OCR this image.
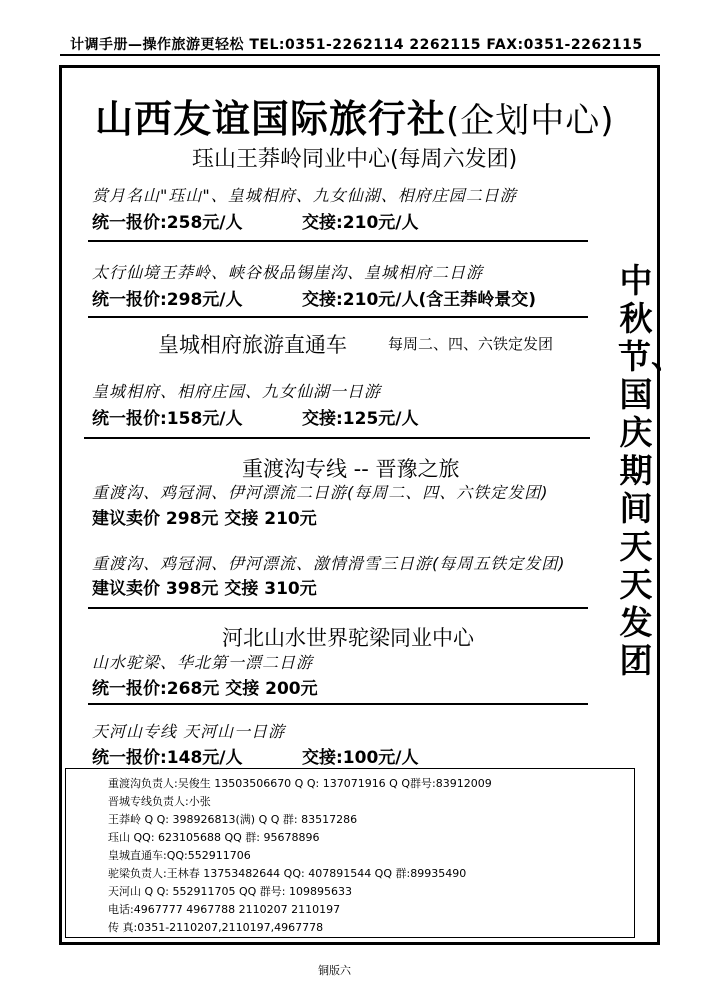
计调手册—操作旅游更轻松 TEL:0351-2262114 2262115 FAX:0351-2262115
山西友谊国际旅行社(企划中心)
珏山王莽岭同业中心(每周六发团)
中秋节、国庆期间天天发团
赏月名山"珏山"、皇城相府、九女仙湖、相府庄园二日游
统一报价:258元/人	交接:210元/人
太行仙境王莽岭、峡谷极品锡崖沟、皇城相府二日游
统一报价:298元/人	交接:210元/人(含王莽岭景交)
皇城相府旅游直通车	每周二、四、六铁定发团
皇城相府、相府庄园、九女仙湖一日游
统一报价:158元/人	交接:125元/人
重渡沟专线 -- 晋豫之旅
重渡沟、鸡冠洞、伊河漂流二日游(每周二、四、六铁定发团)
建议卖价 298元 交接 210元
重渡沟、鸡冠洞、伊河漂流、激情滑雪三日游(每周五铁定发团)
建议卖价 398元 交接 310元
河北山水世界驼梁同业中心
山水驼梁、华北第一漂二日游
统一报价:268元 交接 200元
天河山专线 天河山一日游
统一报价:148元/人	交接:100元/人
重渡沟负责人:吴俊生 13503506670 Q Q: 137071916 Q Q群号:83912009
晋城专线负责人:小张
王莽岭 Q Q: 398926813(满) Q Q 群: 83517286
珏山 QQ: 623105688 QQ 群: 95678896
皇城直通车:QQ:552911706
驼梁负责人:王林春 13753482644 QQ: 407891544 QQ 群:89935490
天河山 Q Q: 552911705 QQ 群号: 109895633
电话:4967777 4967788 2110207 2110197
传 真:0351-2110207,2110197,4967778
铜版六
